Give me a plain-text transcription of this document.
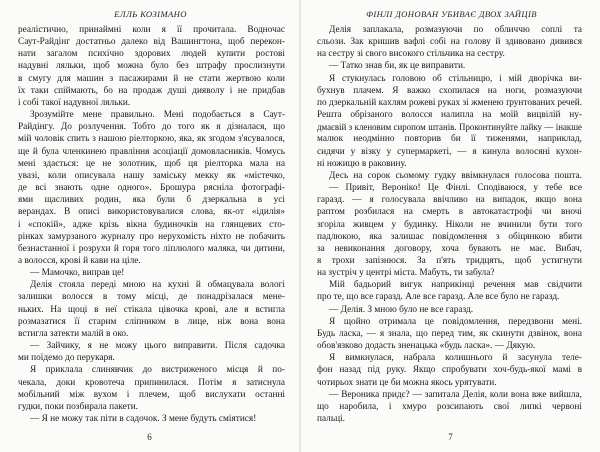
ЕЛЛЬ КОЗІМАНО
реалістично, принаймні коли я її прочитала. Водночас
Саут-Райдінг достатньо далеко від Вашингтона, щоб перекон-
нати загалом психічно здорових людей купити ростові
надувні ляльки, щоб можна було без штрафу прослизнути
в смугу для машин з пасажирами й не стати жертвою коли
їх таки спіймають, бо на продаж душі дияволу і не придбав
і собі такої надувної ляльки.
Зрозумійте мене правильно. Мені подобається в Саут-
Райдінгу. До розлучення. Тобто до того як я дізналася, що
мій чоловік спить з нашою ріелторкою, яка, як згодом з'ясувалося,
ще й була членкинею правління асоціації домовласників. Чомусь
мені здається: це не золотник, щоб ця ріелторка мала на
увазі, коли описувала нашу заміську мекку як «містечко,
де всі знають одне одного». Брошура рясніла фотографі-
ями щасливих родин, яка були б дзеркальна в усі
верандах. В описі використовувалися слова, як-от «ідилія»
і «спокій», адже крізь вікна будиночків на глянцевих сто-
рінках замурзаного журналу про нерухомість ніхто не побачить
безнастанної і розрухи й горя того ліплюлого маляка, чи дитини,
а волосся, крові й кави на ціле.
— Мамочко, виправ це!
Делія стояла переді мною на кухні й обмацувала вологі
залишки волосся в тому місці, де понадрізалася мене-
ньких. На щоці в неї стікала цівочка крові, але я встигла
розмазатися її старим сліпником в лице, ніж вона вона
встигла затекти малій в око.
— Зайчику, я не можу цього виправити. Після садочка
ми поїдемо до перукаря.
Я приклала слинявчик до вистриженого місця й по-
чекала, доки кровотеча припинилася. Потім я затиснула
мобільний між вухом і плечем, щоб вислухати останні
гудки, поки позбирала пакети.
— Я не можу так піти в садочок. З мене будуть сміятися!
6
ФІНЛІ ДОНОВАН УБИВАЄ ДВОХ ЗАЙЦІВ
Делія заплакала, розмазуючи по обличчю соплі та
сльози. Зак кришив вафлі собі на голову й здивовано дивився
на сестру зі свого високого стільчика на сестру.
— Татко знав би, як це виправити.
Я стукнулась головою об стільницю, і мій дворічка ви-
бухнув плачем. Я важко схопилася на ноги, розмазуючи
по дзеркальній кахлям рожеві руках зі жменею ґрунтованих речей.
Решта обрізаного волосся налипла на моїй вицвілій ну-
дмаєвій з кленовим сиропом штанів. Проконтинуйте лайку — інакше
малюк неодмінно повторив би її тиженями, наприклад,
сидячи у візку у супермаркеті, — я кинула волосяні кухон-
ні ножицю в раковину.
Десь на сорок сьомому гудку ввімкнулася голосова пошта.
— Привіт, Вероніко! Це Фінлі. Сподіваюся, у тебе все
гаразд. — я голосувала ввічливо на випадок, якщо вона
раптом розбилася на смерть в автокатастрофі чи вночі
згоріла живцем у будинку. Ніколи не вчинили бути того
падлюкою, яка залишає повідомлення з обіцянкою вбити
за невиконання договору, хоча бувають не має. Вибач,
я трохи запізнюся. За п'ять тридцять, щоб устигнути
на зустріч у центрі міста. Мабуть, ти забула?
Мій бадьорий вигук наприкінці речення мав свідчити
про те, що все гаразд. Але все гаразд. Але все було не гаразд.
— Делія. З мною було не все гаразд.
Я щойно отримала це повідомлення, передзвони мені.
Будь ласка, — я знала, що перед тим, як скинути дзвінок, вона
обов'язково додасть зненацька «будь ласка». — Дякую.
Я вимкнулася, набрала колишнього й засунула теле-
фон назад під руку. Якщо спробувати хоч-будь-якої мамі в
чотирьох знати це би можна якось урятувати.
— Вероника придє? — запитала Делія, коли вона вже вийшла,
що наробила, і хмуро розсипають свої липкі червоні
пальці.
7
